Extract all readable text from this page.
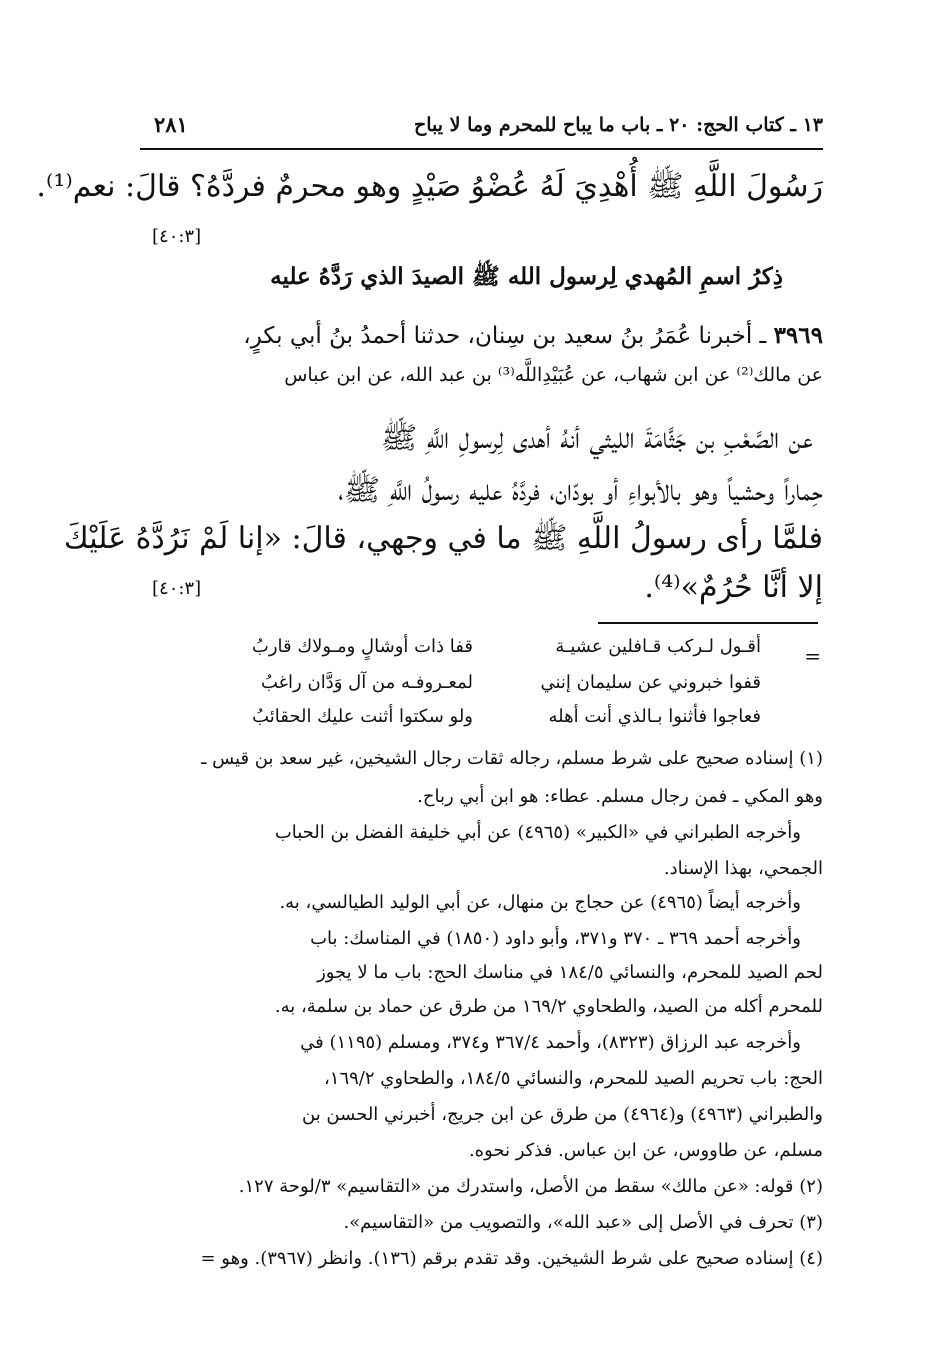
١٣ ـ كتاب الحج: ٢٠ ـ باب ما يباح للمحرم وما لا يباح
٢٨١
رَسُولَ اللَّهِ ﷺ أُهْدِيَ لَهُ عُضْوُ صَيْدٍ وهو محرمٌ فردَّهُ؟ قالَ: نعم⁽¹⁾.
[٤٠:٣]
ذِكرُ اسمِ المُهدي لِرسول الله ﷺ الصيدَ الذي رَدَّهُ عليه
٣٩٦٩ ـ أخبرنا عُمَرُ بنُ سعيد بن سِنان، حدثنا أحمدُ بنُ أبي بكرٍ،
عن مالك⁽²⁾ عن ابن شهاب، عن عُبَيْدِاللَّه⁽³⁾ بن عبد الله، عن ابن عباس
عن الصَّعْبِ بن جَثَّامَةَ الليثي أنهُ أهدى لِرسولِ اللَّهِ ﷺ
حِماراً وحشياً وهو بالأبواءِ أو بودّان، فردَّهُ عليه رسولُ اللَّهِ ﷺ،
فلمَّا رأى رسولُ اللَّهِ ﷺ ما في وجهي، قالَ: «إنا لَمْ نَرُدَّهُ عَلَيْكَ
إلا أنَّا حُرُمٌ»⁽⁴⁾.
[٤٠:٣]
=
أقـول لـركب قـافلين عشيـة
قفا ذات أوشالٍ ومـولاك قاربُ
قفوا خبروني عن سليمان إنني
لمعـروفـه من آل وَدَّان راغبُ
فعاجوا فأثنوا بـالذي أنت أهله
ولو سكتوا أثنت عليك الحقائبُ
(١) إسناده صحيح على شرط مسلم، رجاله ثقات رجال الشيخين، غير سعد بن قيس ـ
وهو المكي ـ فمن رجال مسلم. عطاء: هو ابن أبي رباح.
وأخرجه الطبراني في «الكبير» (٤٩٦٥) عن أبي خليفة الفضل بن الحباب
الجمحي، بهذا الإسناد.
وأخرجه أيضاً (٤٩٦٥) عن حجاج بن منهال، عن أبي الوليد الطيالسي، به.
وأخرجه أحمد ٣٦٩ ـ ٣٧٠ و٣٧١، وأبو داود (١٨٥٠) في المناسك: باب
لحم الصيد للمحرم، والنسائي ١٨٤/٥ في مناسك الحج: باب ما لا يجوز
للمحرم أكله من الصيد، والطحاوي ١٦٩/٢ من طرق عن حماد بن سلمة، به.
وأخرجه عبد الرزاق (٨٣٢٣)، وأحمد ٣٦٧/٤ و٣٧٤، ومسلم (١١٩٥) في
الحج: باب تحريم الصيد للمحرم، والنسائي ١٨٤/٥، والطحاوي ١٦٩/٢،
والطبراني (٤٩٦٣) و(٤٩٦٤) من طرق عن ابن جريج، أخبرني الحسن بن
مسلم، عن طاووس، عن ابن عباس. فذكر نحوه.
(٢) قوله: «عن مالك» سقط من الأصل، واستدرك من «التقاسيم» ٣/لوحة ١٢٧.
(٣) تحرف في الأصل إلى «عبد الله»، والتصويب من «التقاسيم».
(٤) إسناده صحيح على شرط الشيخين. وقد تقدم برقم (١٣٦). وانظر (٣٩٦٧). وهو =
